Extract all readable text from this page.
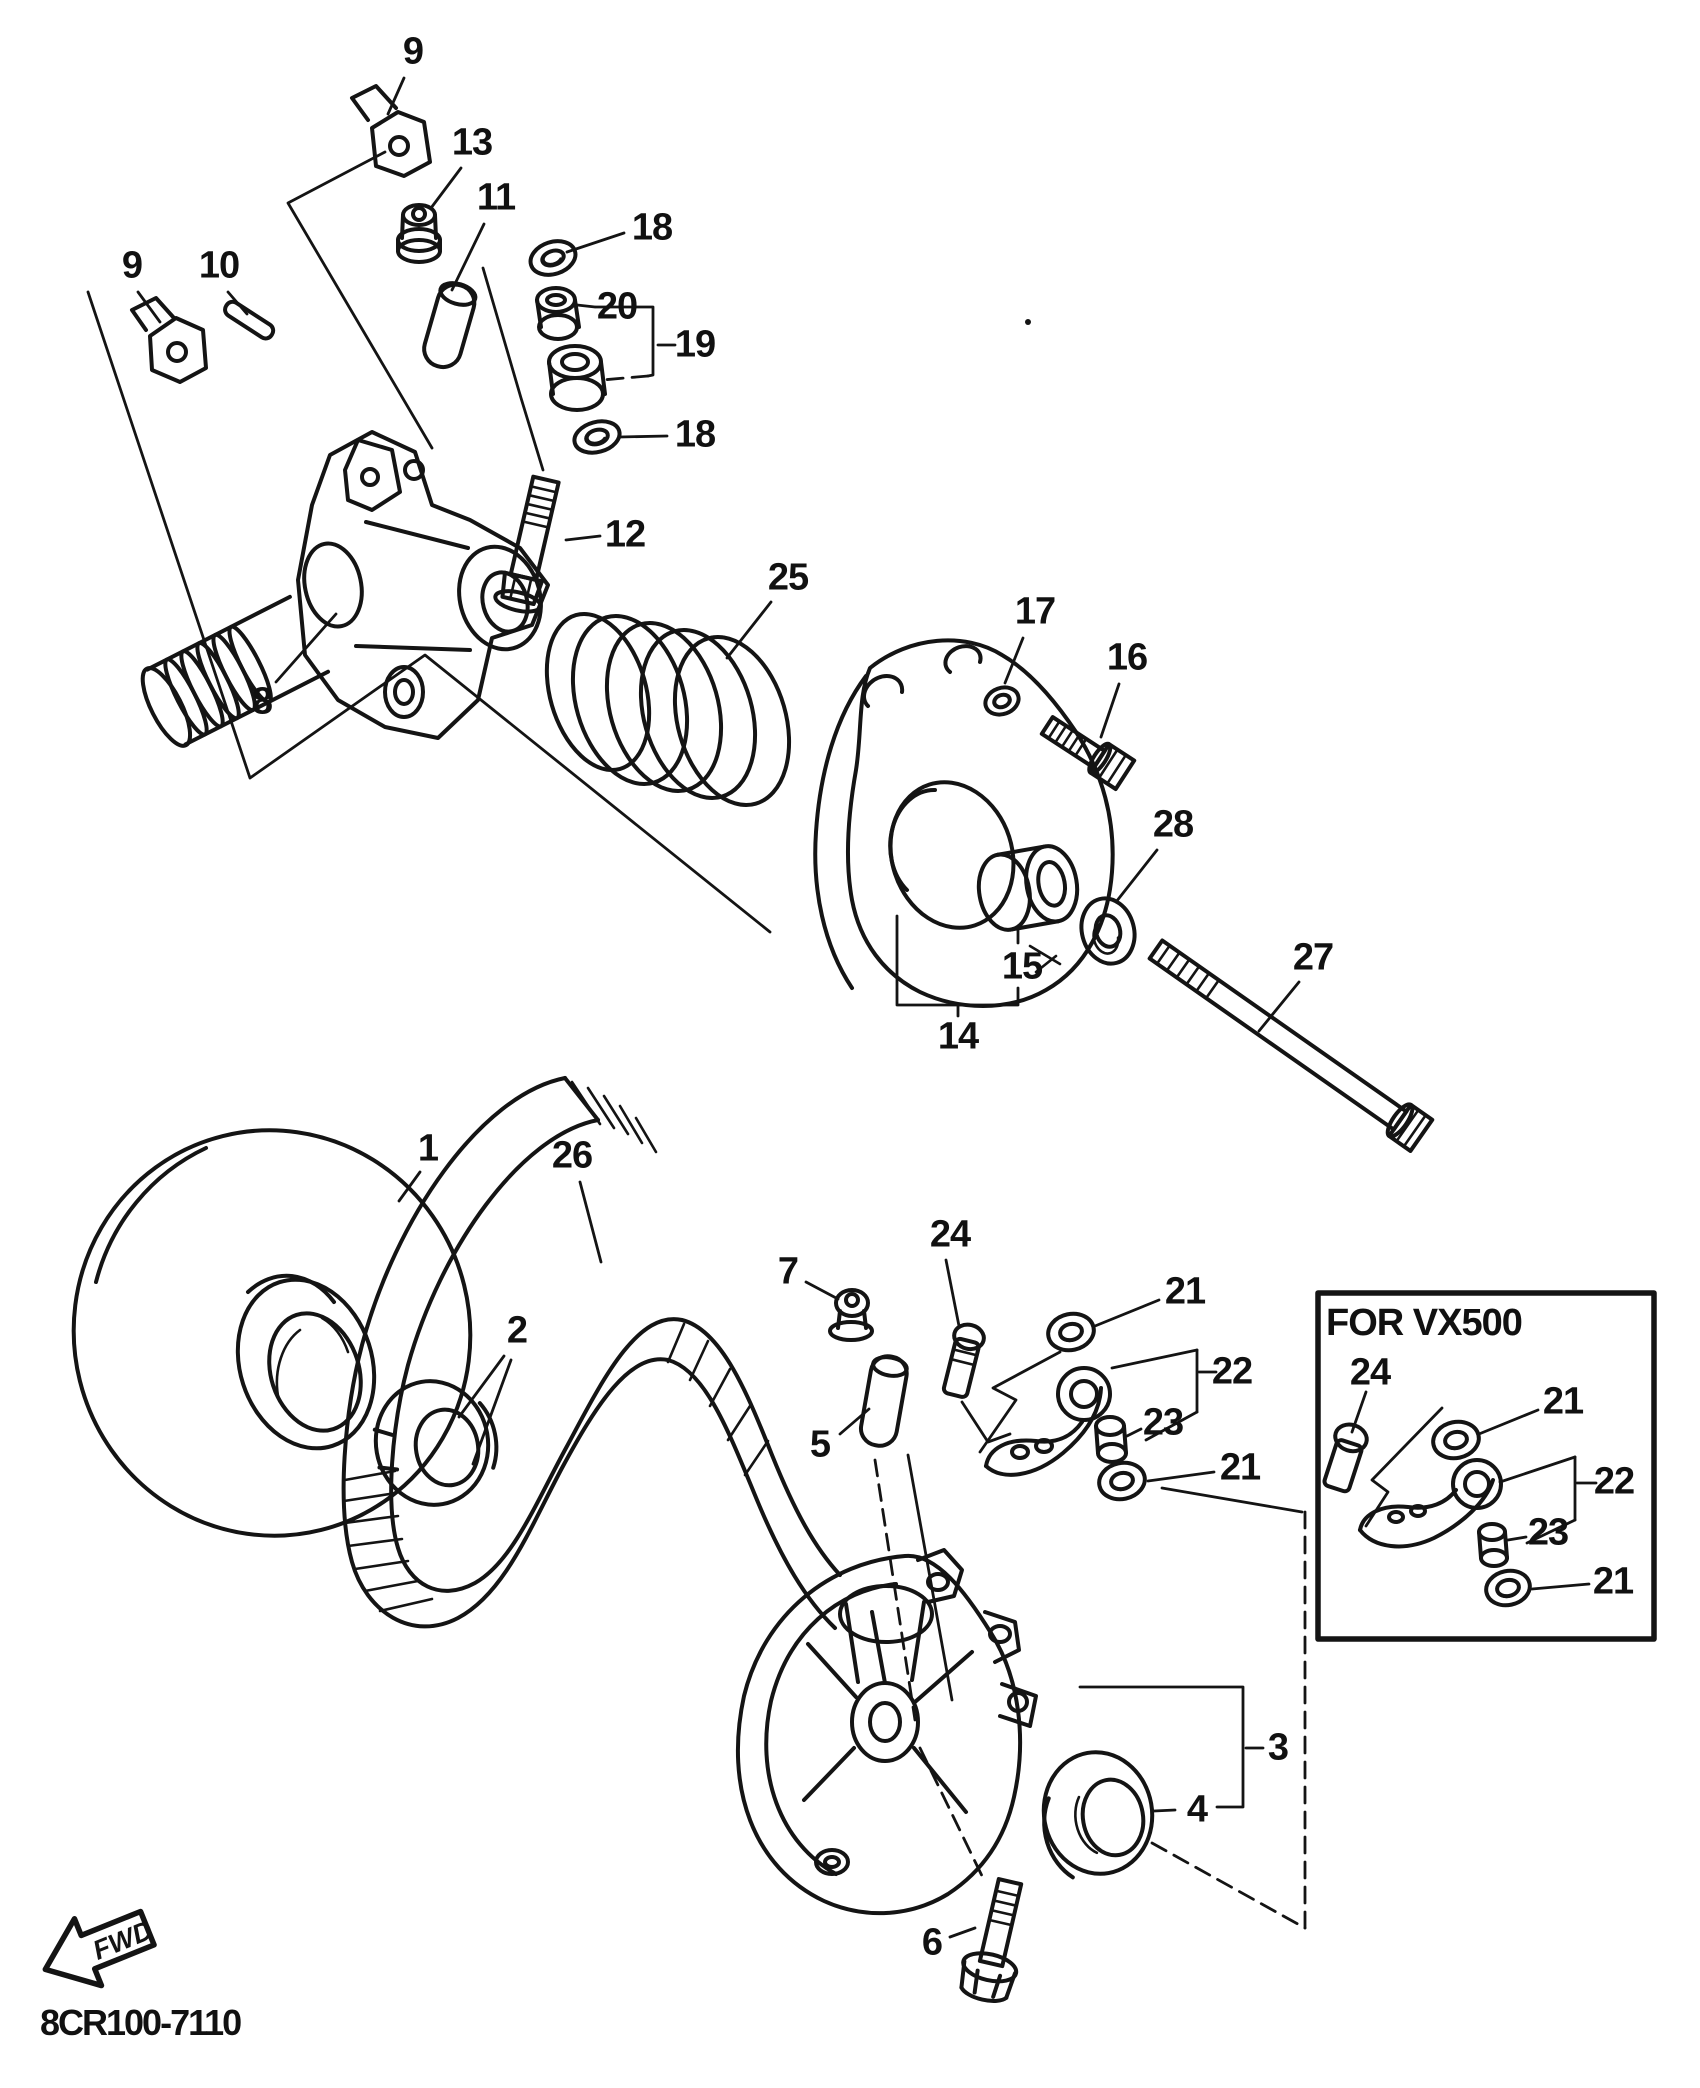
FWD
9
13
11
18
20
19
18
12
9 10
8
25
17
16
28
27
15
14
1	26
2
7
24
5
21
22
23
21
3
4
6
24
21
22
23
21
FOR VX500
8CR100-7110
